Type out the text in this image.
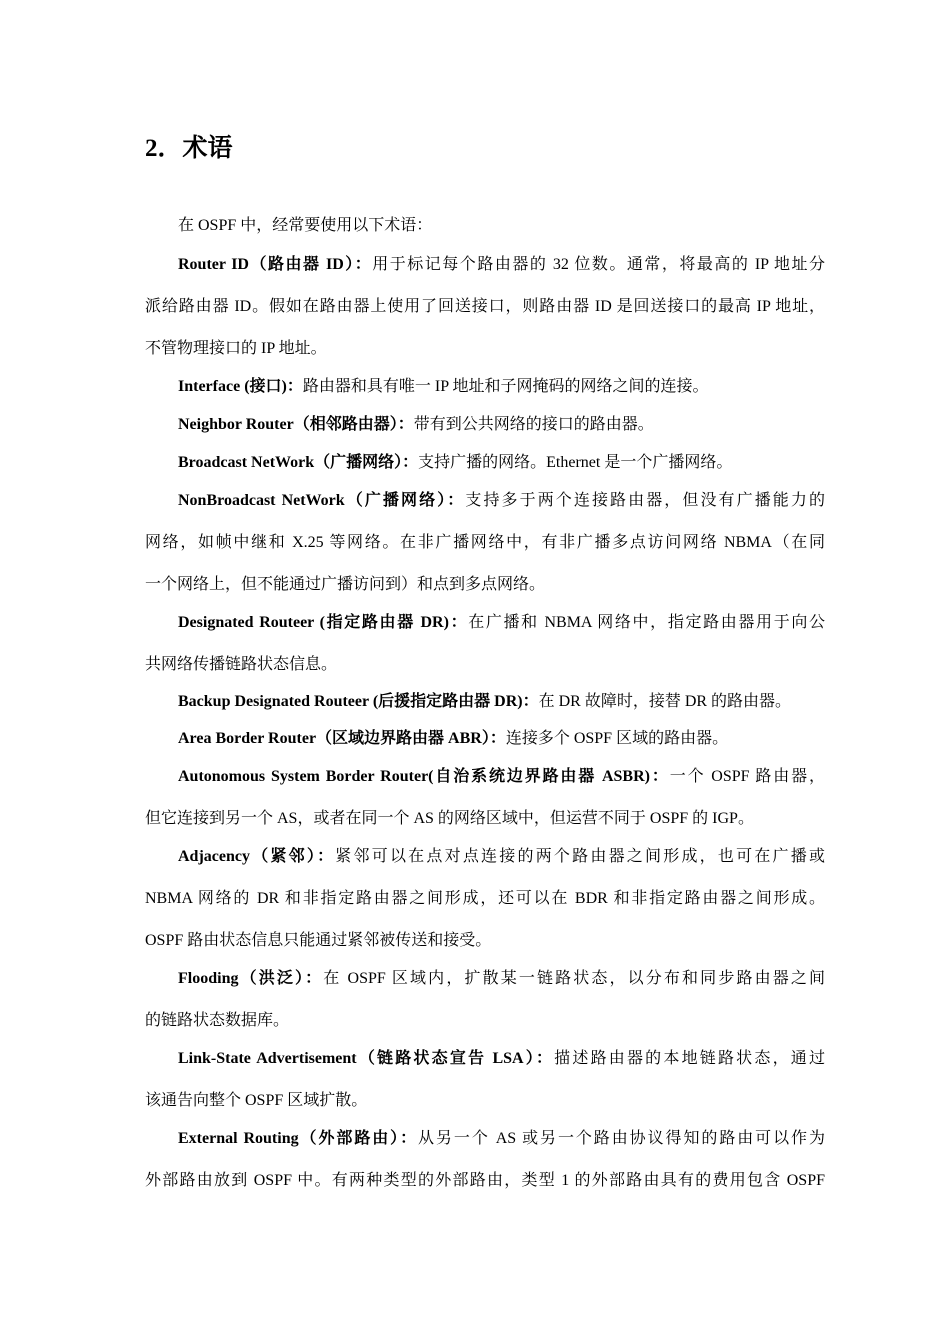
2．术语
在 OSPF 中，经常要使用以下术语：
Router ID（路由器 ID）：用于标记每个路由器的 32 位数。通常，将最高的 IP 地址分
派给路由器 ID。假如在路由器上使用了回送接口，则路由器 ID 是回送接口的最高 IP 地址，
不管物理接口的 IP 地址。
Interface (接口)：路由器和具有唯一 IP 地址和子网掩码的网络之间的连接。
Neighbor Router（相邻路由器）：带有到公共网络的接口的路由器。
Broadcast NetWork（广播网络）：支持广播的网络。Ethernet 是一个广播网络。
NonBroadcast NetWork（广播网络）：支持多于两个连接路由器，但没有广播能力的
网络，如帧中继和 X.25 等网络。在非广播网络中，有非广播多点访问网络 NBMA（在同
一个网络上，但不能通过广播访问到）和点到多点网络。
Designated Routeer (指定路由器 DR)：在广播和 NBMA 网络中，指定路由器用于向公
共网络传播链路状态信息。
Backup Designated Routeer (后援指定路由器 DR)：在 DR 故障时，接替 DR 的路由器。
Area Border Router（区域边界路由器 ABR）：连接多个 OSPF 区域的路由器。
Autonomous System Border Router(自治系统边界路由器 ASBR)：一个 OSPF 路由器，
但它连接到另一个 AS，或者在同一个 AS 的网络区域中，但运营不同于 OSPF 的 IGP。
Adjacency（紧邻）：紧邻可以在点对点连接的两个路由器之间形成，也可在广播或
NBMA 网络的 DR 和非指定路由器之间形成，还可以在 BDR 和非指定路由器之间形成。
OSPF 路由状态信息只能通过紧邻被传送和接受。
Flooding（洪泛）：在 OSPF 区域内，扩散某一链路状态，以分布和同步路由器之间
的链路状态数据库。
Link-State Advertisement（链路状态宣告 LSA）：描述路由器的本地链路状态，通过
该通告向整个 OSPF 区域扩散。
External Routing（外部路由）：从另一个 AS 或另一个路由协议得知的路由可以作为
外部路由放到 OSPF 中。有两种类型的外部路由，类型 1 的外部路由具有的费用包含 OSPF
